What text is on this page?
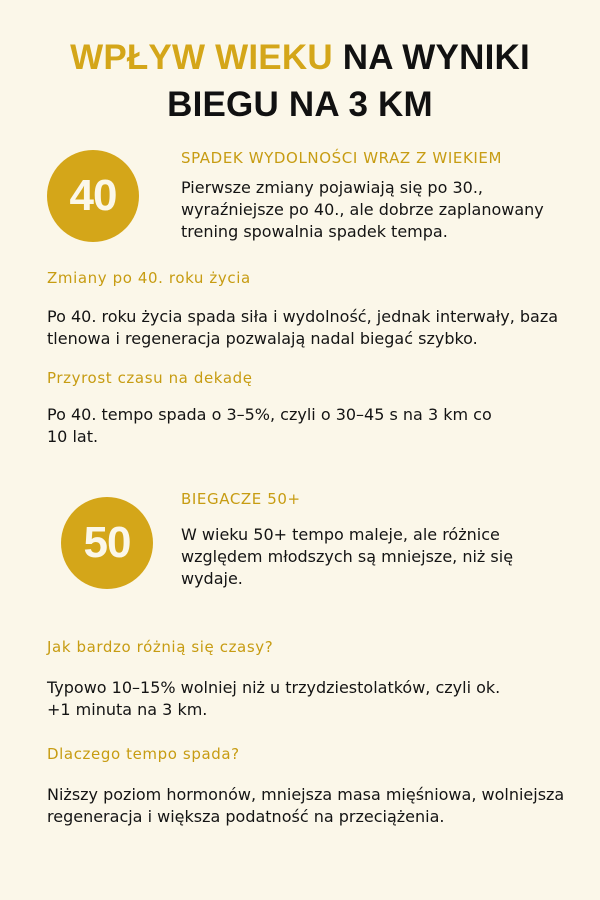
WPŁYW WIEKU NA WYNIKI
BIEGU NA 3 KM
40
SPADEK WYDOLNOŚCI WRAZ Z WIEKIEM
Pierwsze zmiany pojawiają się po 30., wyraźniejsze po 40., ale dobrze zaplanowany trening spowalnia spadek tempa.
Zmiany po 40. roku życia
Po 40. roku życia spada siła i wydolność, jednak interwały, baza tlenowa i regeneracja pozwalają nadal biegać szybko.
Przyrost czasu na dekadę
Po 40. tempo spada o 3–5%, czyli o 30–45 s na 3 km co 10 lat.
50
BIEGACZE 50+
W wieku 50+ tempo maleje, ale różnice względem młodszych są mniejsze, niż się wydaje.
Jak bardzo różnią się czasy?
Typowo 10–15% wolniej niż u trzydziestolatków, czyli ok. +1 minuta na 3 km.
Dlaczego tempo spada?
Niższy poziom hormonów, mniejsza masa mięśniowa, wolniejsza regeneracja i większa podatność na przeciążenia.
